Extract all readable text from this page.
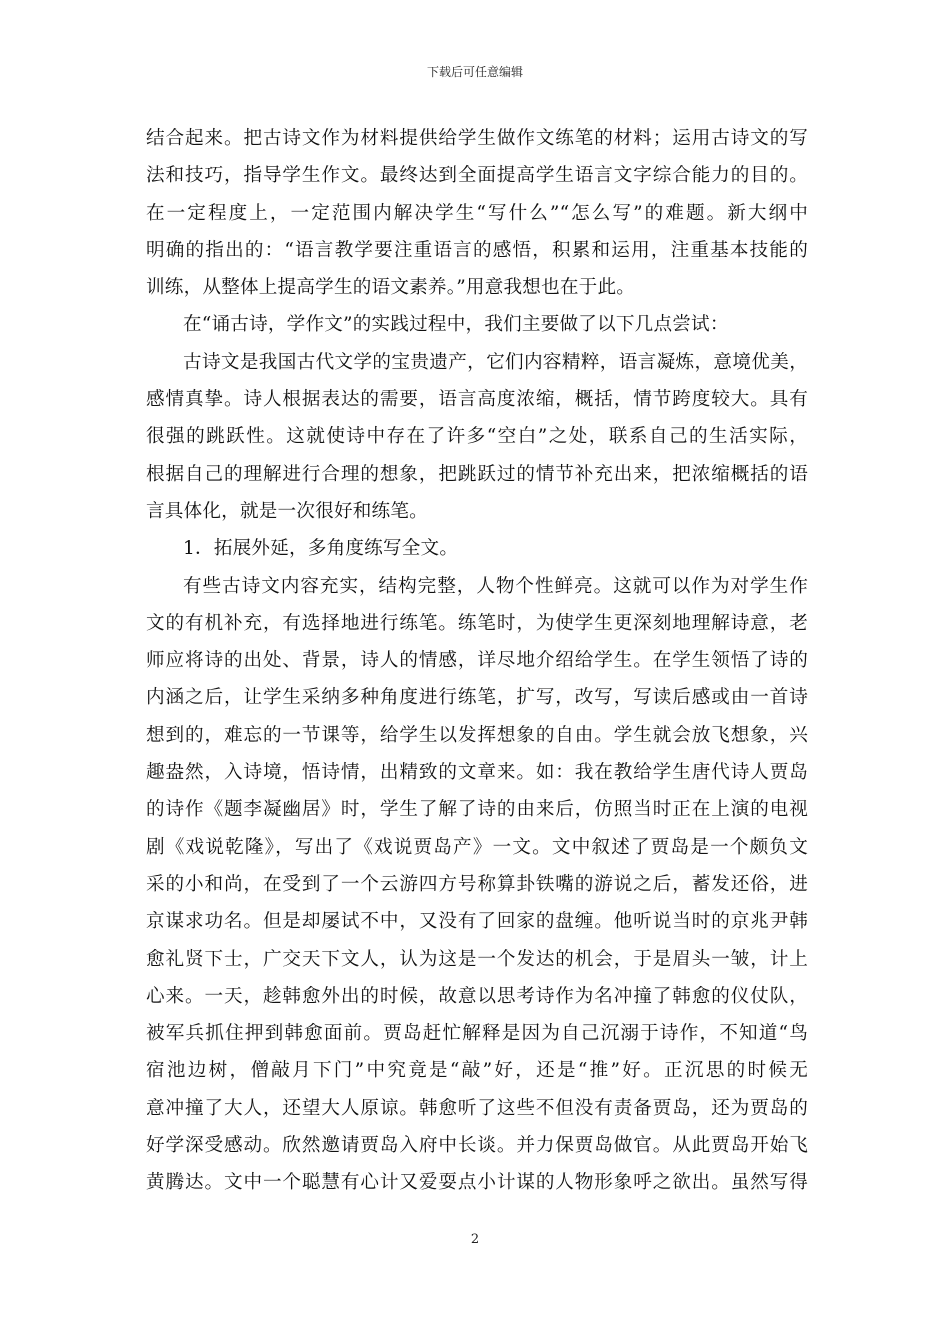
下载后可任意编辑
结合起来。把古诗文作为材料提供给学生做作文练笔的材料；运用古诗文的写
法和技巧，指导学生作文。最终达到全面提高学生语言文字综合能力的目的。
在一定程度上，一定范围内解决学生“写什么”“怎么写”的难题。新大纲中
明确的指出的：“语言教学要注重语言的感悟，积累和运用，注重基本技能的
训练，从整体上提高学生的语文素养。”用意我想也在于此。
在“诵古诗，学作文”的实践过程中，我们主要做了以下几点尝试：
古诗文是我国古代文学的宝贵遗产，它们内容精粹，语言凝炼，意境优美，
感情真挚。诗人根据表达的需要，语言高度浓缩，概括，情节跨度较大。具有
很强的跳跃性。这就使诗中存在了许多“空白”之处，联系自己的生活实际，
根据自己的理解进行合理的想象，把跳跃过的情节补充出来，把浓缩概括的语
言具体化，就是一次很好和练笔。
1．拓展外延，多角度练写全文。
有些古诗文内容充实，结构完整，人物个性鲜亮。这就可以作为对学生作
文的有机补充，有选择地进行练笔。练笔时，为使学生更深刻地理解诗意，老
师应将诗的出处、背景，诗人的情感，详尽地介绍给学生。在学生领悟了诗的
内涵之后，让学生采纳多种角度进行练笔，扩写，改写，写读后感或由一首诗
想到的，难忘的一节课等，给学生以发挥想象的自由。学生就会放飞想象，兴
趣盎然，入诗境，悟诗情，出精致的文章来。如：我在教给学生唐代诗人贾岛
的诗作《题李凝幽居》时，学生了解了诗的由来后，仿照当时正在上演的电视
剧《戏说乾隆》，写出了《戏说贾岛产》一文。文中叙述了贾岛是一个颇负文
采的小和尚，在受到了一个云游四方号称算卦铁嘴的游说之后，蓄发还俗，进
京谋求功名。但是却屡试不中，又没有了回家的盘缠。他听说当时的京兆尹韩
愈礼贤下士，广交天下文人，认为这是一个发达的机会，于是眉头一皱，计上
心来。一天，趁韩愈外出的时候，故意以思考诗作为名冲撞了韩愈的仪仗队，
被军兵抓住押到韩愈面前。贾岛赶忙解释是因为自己沉溺于诗作，不知道“鸟
宿池边树，僧敲月下门”中究竟是“敲”好，还是“推”好。正沉思的时候无
意冲撞了大人，还望大人原谅。韩愈听了这些不但没有责备贾岛，还为贾岛的
好学深受感动。欣然邀请贾岛入府中长谈。并力保贾岛做官。从此贾岛开始飞
黄腾达。文中一个聪慧有心计又爱耍点小计谋的人物形象呼之欲出。虽然写得
2
